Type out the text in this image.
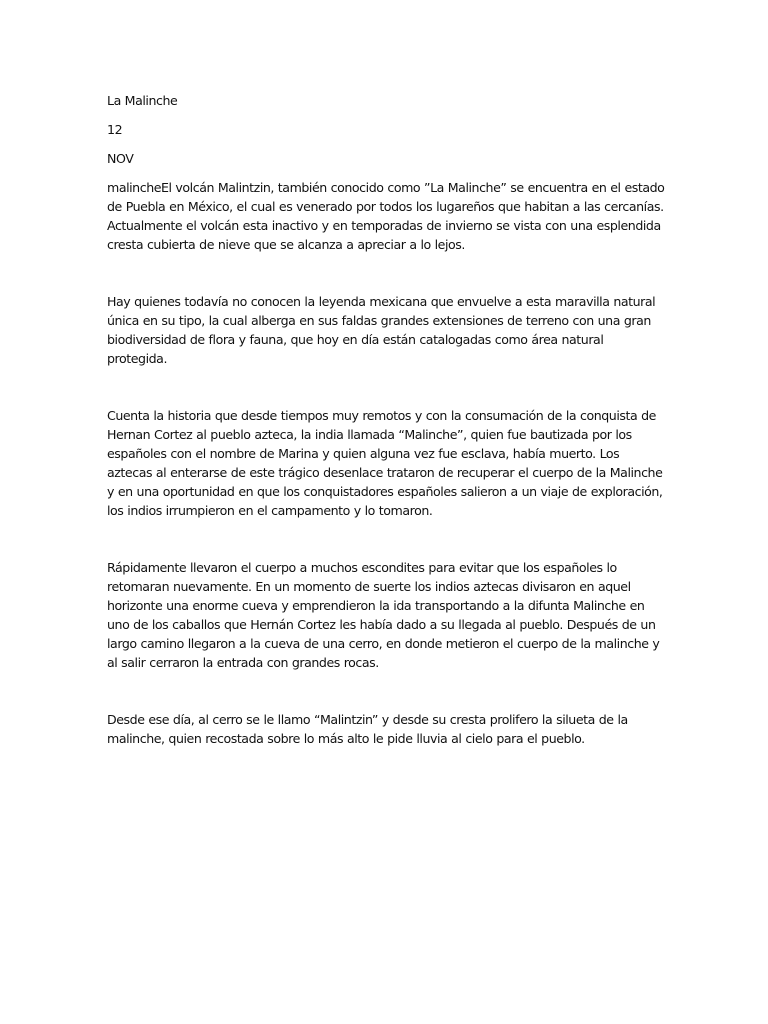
La Malinche

12

NOV

malincheEl volcán Malintzin, también conocido como ”La Malinche” se encuentra en el estado de Puebla en México, el cual es venerado por todos los lugareños que habitan a las cercanías. Actualmente el volcán esta inactivo y en temporadas de invierno se vista con una esplendida cresta cubierta de nieve que se alcanza a apreciar a lo lejos.

Hay quienes todavía no conocen la leyenda mexicana que envuelve a esta maravilla natural única en su tipo, la cual alberga en sus faldas grandes extensiones de terreno con una gran biodiversidad de flora y fauna, que hoy en día están catalogadas como área natural protegida.

Cuenta la historia que desde tiempos muy remotos y con la consumación de la conquista de Hernan Cortez al pueblo azteca, la india llamada “Malinche”, quien fue bautizada por los españoles con el nombre de Marina y quien alguna vez fue esclava, había muerto. Los aztecas al enterarse de este trágico desenlace trataron de recuperar el cuerpo de la Malinche y en una oportunidad en que los conquistadores españoles salieron a un viaje de exploración, los indios irrumpieron en el campamento y lo tomaron.

Rápidamente llevaron el cuerpo a muchos escondites para evitar que los españoles lo retomaran nuevamente. En un momento de suerte los indios aztecas divisaron en aquel horizonte una enorme cueva y emprendieron la ida transportando a la difunta Malinche en uno de los caballos que Hernán Cortez les había dado a su llegada al pueblo. Después de un largo camino llegaron a la cueva de una cerro, en donde metieron el cuerpo de la malinche y al salir cerraron la entrada con grandes rocas.

Desde ese día, al cerro se le llamo “Malintzin” y desde su cresta prolifero la silueta de la malinche, quien recostada sobre lo más alto le pide lluvia al cielo para el pueblo.
